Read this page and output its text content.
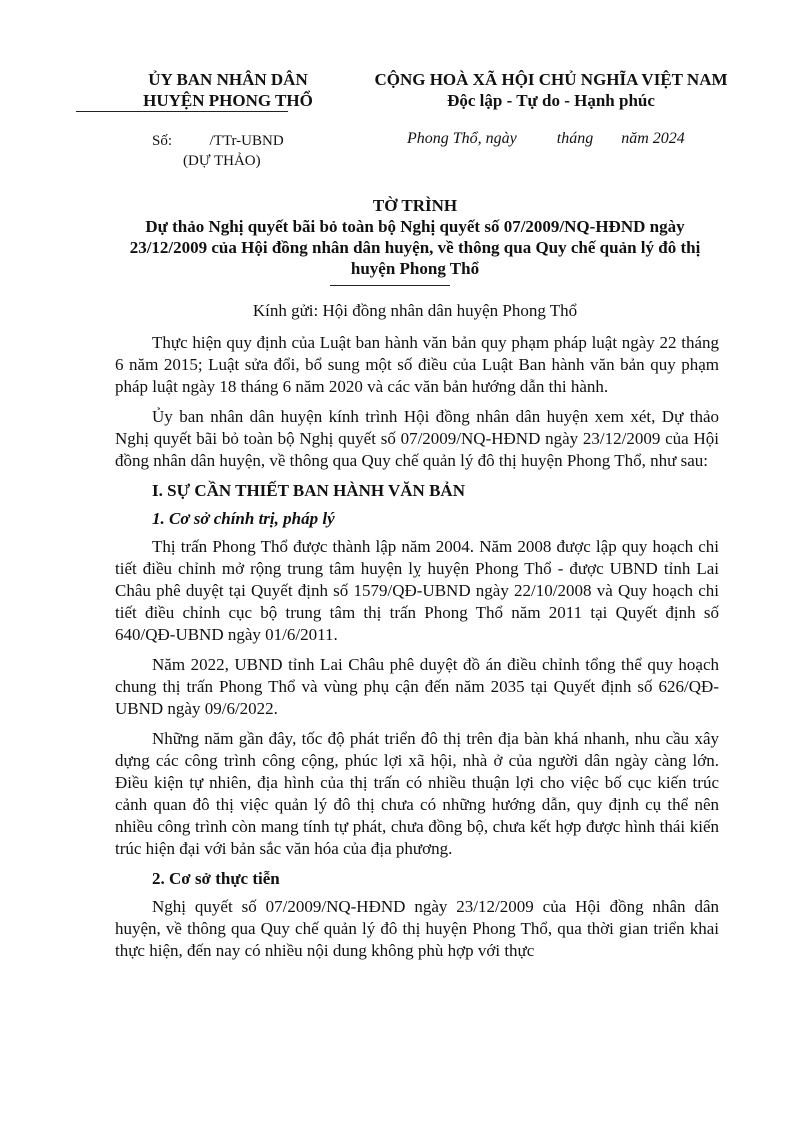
ỦY BAN NHÂN DÂN
HUYỆN PHONG THỔ
CỘNG HOÀ XÃ HỘI CHỦ NGHĨA VIỆT NAM
Độc lập - Tự do - Hạnh phúc
Số:          /TTr-UBND
(DỰ THẢO)
Phong Thổ, ngày          tháng       năm 2024
TỜ TRÌNH
Dự thảo Nghị quyết bãi bỏ toàn bộ Nghị quyết số 07/2009/NQ-HĐND ngày 23/12/2009 của Hội đồng nhân dân huyện, về thông qua Quy chế quản lý đô thị huyện Phong Thổ
Kính gửi: Hội đồng nhân dân huyện Phong Thổ

Thực hiện quy định của Luật ban hành văn bản quy phạm pháp luật ngày 22 tháng 6 năm 2015; Luật sửa đổi, bổ sung một số điều của Luật Ban hành văn bản quy phạm pháp luật ngày 18 tháng 6 năm 2020 và các văn bản hướng dẫn thi hành.

Ủy ban nhân dân huyện kính trình Hội đồng nhân dân huyện xem xét, Dự thảo Nghị quyết bãi bỏ toàn bộ Nghị quyết số 07/2009/NQ-HĐND ngày 23/12/2009 của Hội đồng nhân dân huyện, về thông qua Quy chế quản lý đô thị huyện Phong Thổ, như sau:

I. SỰ CẦN THIẾT BAN HÀNH VĂN BẢN
1. Cơ sở chính trị, pháp lý

Thị trấn Phong Thổ được thành lập năm 2004. Năm 2008 được lập quy hoạch chi tiết điều chỉnh mở rộng trung tâm huyện lỵ huyện Phong Thổ - được UBND tỉnh Lai Châu phê duyệt tại Quyết định số 1579/QĐ-UBND ngày 22/10/2008 và Quy hoạch chi tiết điều chỉnh cục bộ trung tâm thị trấn Phong Thổ năm 2011 tại Quyết định số 640/QĐ-UBND ngày 01/6/2011.

Năm 2022, UBND tỉnh Lai Châu phê duyệt đồ án điều chỉnh tổng thể quy hoạch chung thị trấn Phong Thổ và vùng phụ cận đến năm 2035 tại Quyết định số 626/QĐ-UBND ngày 09/6/2022.

Những năm gần đây, tốc độ phát triển đô thị trên địa bàn khá nhanh, nhu cầu xây dựng các công trình công cộng, phúc lợi xã hội, nhà ở của người dân ngày càng lớn. Điều kiện tự nhiên, địa hình của thị trấn có nhiều thuận lợi cho việc bố cục kiến trúc cảnh quan đô thị việc quản lý đô thị chưa có những hướng dẫn, quy định cụ thể nên nhiều công trình còn mang tính tự phát, chưa đồng bộ, chưa kết hợp được hình thái kiến trúc hiện đại với bản sắc văn hóa của địa phương.

2. Cơ sở thực tiễn

Nghị quyết số 07/2009/NQ-HĐND ngày 23/12/2009 của Hội đồng nhân dân huyện, về thông qua Quy chế quản lý đô thị huyện Phong Thổ, qua thời gian triển khai thực hiện, đến nay có nhiều nội dung không phù hợp với thực
